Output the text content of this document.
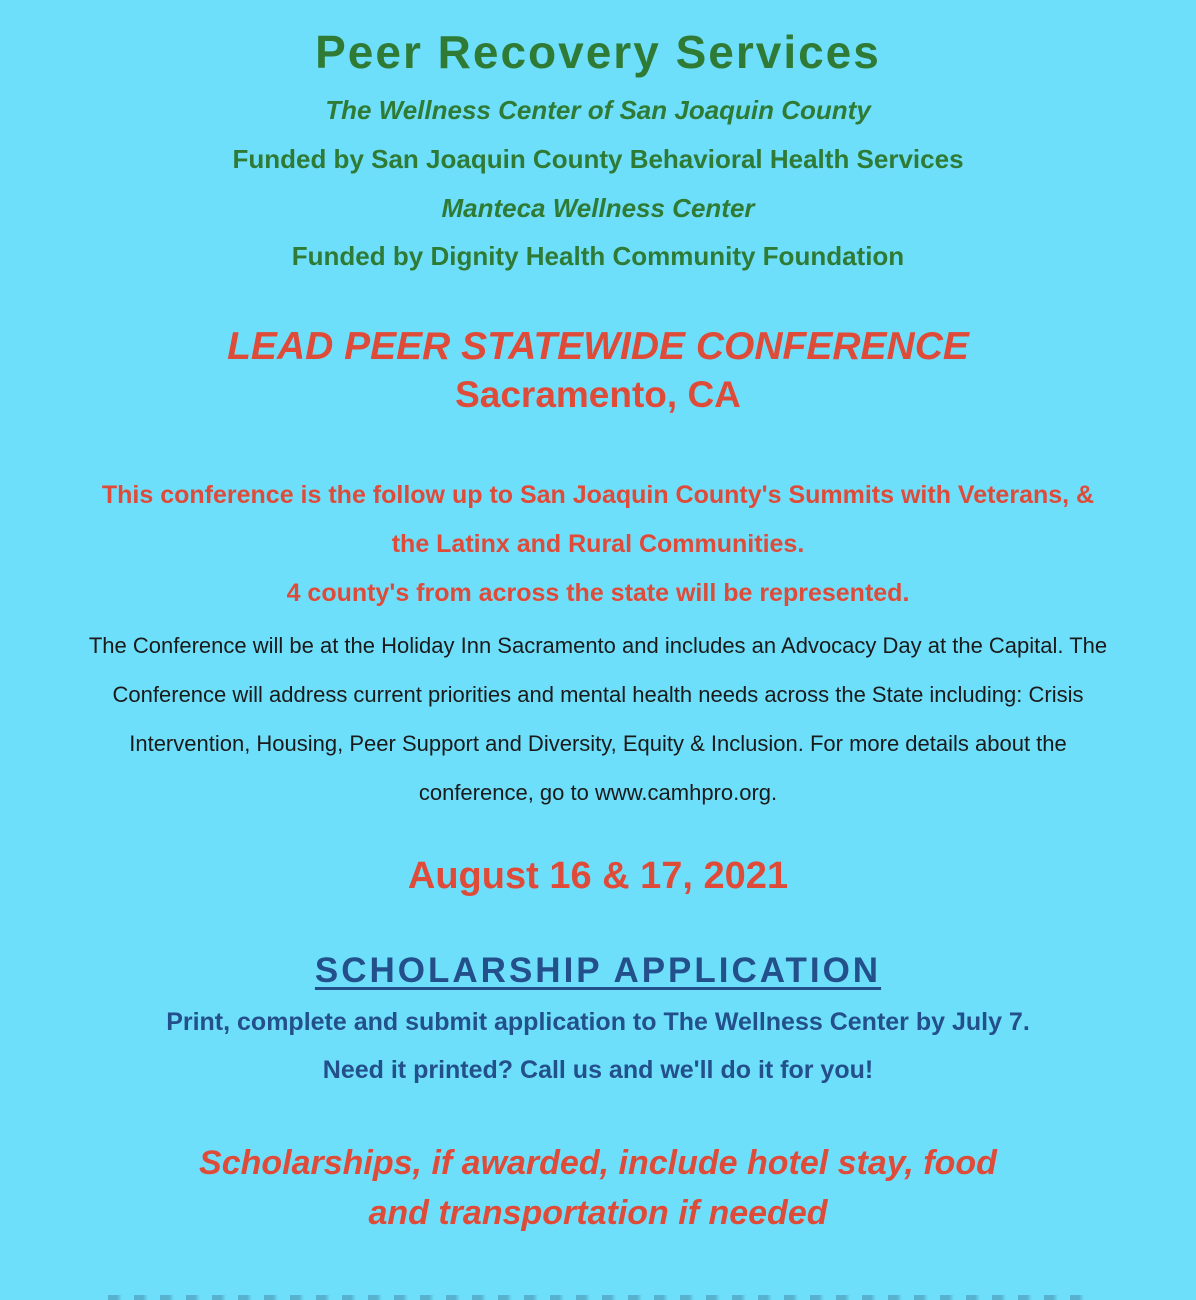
Peer Recovery Services
The Wellness Center of San Joaquin County
Funded by San Joaquin County Behavioral Health Services
Manteca Wellness Center
Funded by Dignity Health Community Foundation
LEAD PEER STATEWIDE CONFERENCE
Sacramento, CA
This conference is the follow up to San Joaquin County's Summits with Veterans, &
the Latinx and Rural Communities.
4 county's from across the state will be represented.
The Conference will be at the Holiday Inn Sacramento and includes an Advocacy Day at the Capital. The
Conference will address current priorities and mental health needs across the State including: Crisis
Intervention, Housing, Peer Support and Diversity, Equity & Inclusion. For more details about the
conference, go to www.camhpro.org.
August 16 & 17, 2021
SCHOLARSHIP APPLICATION
Print, complete and submit application to The Wellness Center by July 7.
Need it printed? Call us and we'll do it for you!
Scholarships, if awarded, include hotel stay, food
and transportation if needed
